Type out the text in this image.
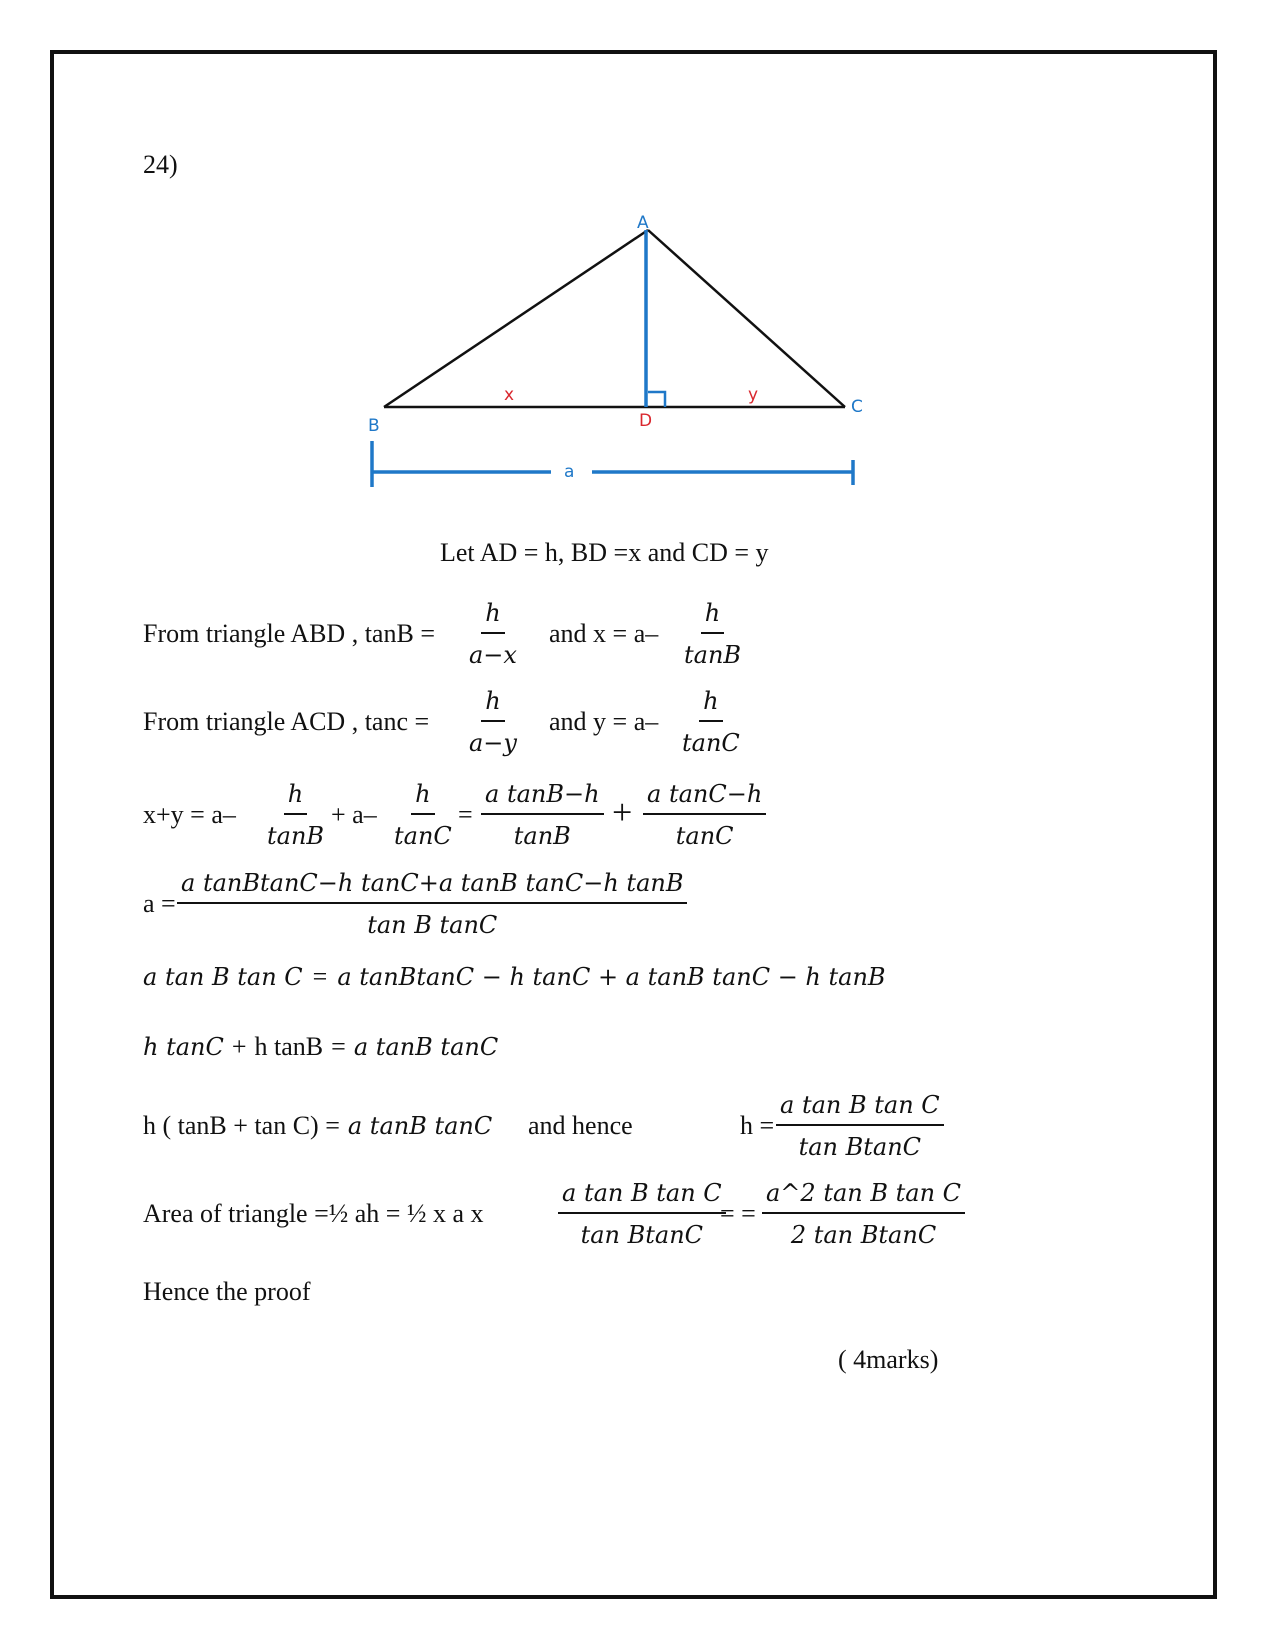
24)
A
B
C
D
x	y
a
Let AD = h, BD =x and CD = y
From triangle ABD , $\tan B = \frac{h}{a-x}$ and $x = a- \frac{h}{\tan B}$
From triangle ACD , $\tan c = \frac{h}{a-y}$ and $y = a- \frac{h}{\tan C}$
$x+y = a- \frac{h}{\tan B} + a- \frac{h}{\tan C} = \frac{\text{a tanB−h}}{\tan B} + \frac{\text{a tanC−h}}{\tan C}$
$a = \frac{\text{a tanBtanC−h tanC+a tanB tanC−h tanB}}{\text{tan B tanC}}$
a tan B tan C = a tanBtanC − h tanC + a tanB tanC − h tanB
h tanC + h tanB = a tanB tanC
h ( tanB + tan C) = a tanB tanC and hence	$h = \frac{\text{a tan B tan C}}{\text{tan BtanC}}$
Area of triangle =½ ah = ½ x a x	$\frac{\text{a tan B tan C}}{\text{tan BtanC}}$
= = $\frac{\text{a\textasciicircum{}2 tan B tan C}}{\text{2 tan BtanC}}$
Hence the proof
( 4marks)
